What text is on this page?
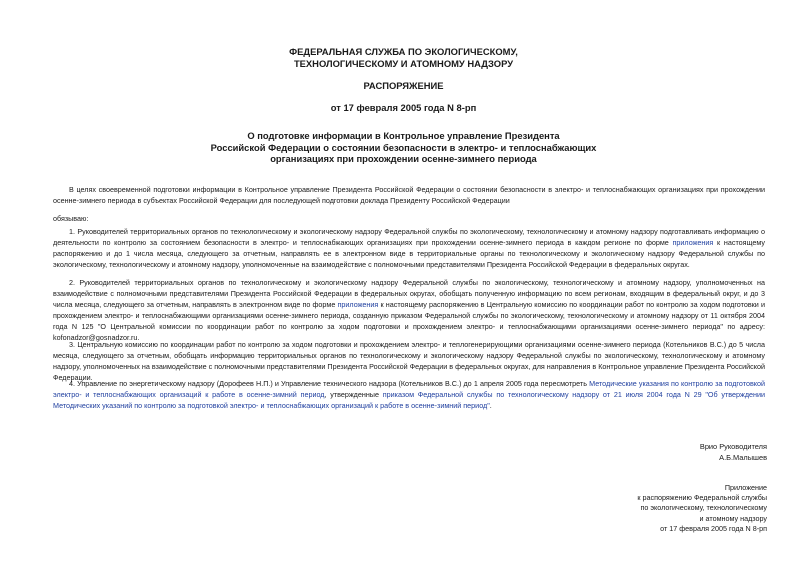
ФЕДЕРАЛЬНАЯ СЛУЖБА ПО ЭКОЛОГИЧЕСКОМУ,
ТЕХНОЛОГИЧЕСКОМУ И АТОМНОМУ НАДЗОРУ
РАСПОРЯЖЕНИЕ
от 17 февраля 2005 года N 8-рп
О подготовке информации в Контрольное управление Президента
Российской Федерации о состоянии безопасности в электро- и теплоснабжающих
организациях при прохождении осенне-зимнего периода
В целях своевременной подготовки информации в Контрольное управление Президента Российской Федерации о состоянии безопасности в электро- и теплоснабжающих организациях при прохождении осенне-зимнего периода в субъектах Российской Федерации для последующей подготовки доклада Президенту Российской Федерации
обязываю:
1. Руководителей территориальных органов по технологическому и экологическому надзору Федеральной службы по экологическому, технологическому и атомному надзору подготавливать информацию о деятельности по контролю за состоянием безопасности в электро- и теплоснабжающих организациях при прохождении осенне-зимнего периода в каждом регионе по форме приложения к настоящему распоряжению и до 1 числа месяца, следующего за отчетным, направлять ее в электронном виде в территориальные органы по технологическому и экологическому надзору Федеральной службы по экологическому, технологическому и атомному надзору, уполномоченные на взаимодействие с полномочными представителями Президента Российской Федерации в федеральных округах.
2. Руководителей территориальных органов по технологическому и экологическому надзору Федеральной службы по экологическому, технологическому и атомному надзору, уполномоченных на взаимодействие с полномочными представителями Президента Российской Федерации в федеральных округах, обобщать полученную информацию по всем регионам, входящим в федеральный округ, и до 3 числа месяца, следующего за отчетным, направлять в электронном виде по форме приложения к настоящему распоряжению в Центральную комиссию по координации работ по контролю за ходом подготовки и прохождением электро- и теплоснабжающими организациями осенне-зимнего периода, созданную приказом Федеральной службы по экологическому, технологическому и атомному надзору от 11 октября 2004 года N 125 "О Центральной комиссии по координации работ по контролю за ходом подготовки и прохождением электро- и теплоснабжающими организациями осенне-зимнего периода" по адресу: kofonadzor@gosnadzor.ru.
3. Центральную комиссию по координации работ по контролю за ходом подготовки и прохождением электро- и теплогенерирующими организациями осенне-зимнего периода (Котельников В.С.) до 5 числа месяца, следующего за отчетным, обобщать информацию территориальных органов по технологическому и экологическому надзору Федеральной службы по экологическому, технологическому и атомному надзору, уполномоченных на взаимодействие с полномочными представителями Президента Российской Федерации в федеральных округах, для направления в Контрольное управление Президента Российской Федерации.
4. Управление по энергетическому надзору (Дорофеев Н.П.) и Управление технического надзора (Котельников В.С.) до 1 апреля 2005 года пересмотреть Методические указания по контролю за подготовкой электро- и теплоснабжающих организаций к работе в осенне-зимний период, утвержденные приказом Федеральной службы по технологическому надзору от 21 июля 2004 года N 29 "Об утверждении Методических указаний по контролю за подготовкой электро- и теплоснабжающих организаций к работе в осенне-зимний период".
Врио Руководителя
А.Б.Малышев
Приложение
к распоряжению Федеральной службы
по экологическому, технологическому
и атомному надзору
от 17 февраля 2005 года N 8-рп
